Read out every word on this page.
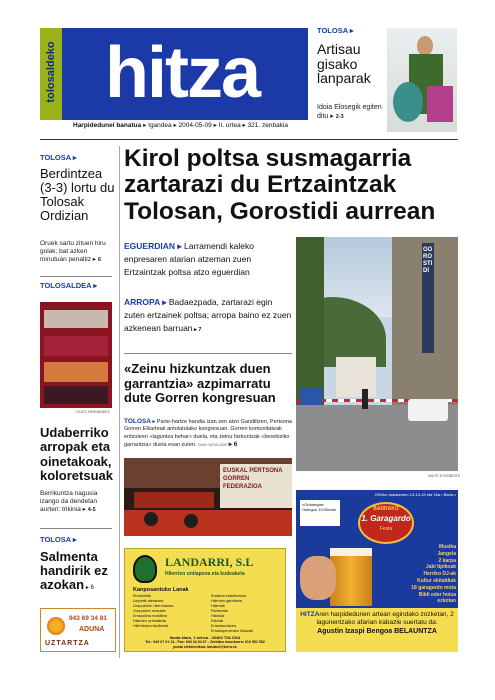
tolosaldeko hitza
Harpidedunei banatua ▸ Igandea ▸ 2004-05-09 ▸ II. urtea ▸ 321. zenbakia
TOLOSA ▸
Artisau gisako lanparak
Idoia Elosegik egiten ditu ▸ 2-3
TOLOSA ▸
Berdintzea (3-3) lortu du Tolosak Ordizian
Oruek sartu zituen hiru golak; bat azken minutuan penaltiz ▸ 6
TOLOSALDEA ▸
OLATZ HERNANDEZ
Udaberriko arropak eta oinetakoak, koloretsuak
Berrikuntza nagusia izango da dendetan aurten: trikinia ▸ 4-5
TOLOSA ▸
Salmenta handirik ez azokan ▸ 6
943 69 34 81
ADUNA
UZTARTZA
Kirol poltsa susmagarria zartarazi du Ertzaintzak Tolosan, Gorostidi aurrean
EGUERDIAN ▸ Larramendi kaleko enpresaren atarian atzeman zuen Ertzaintzak poltsa atzo eguerdian
ARROPA ▸ Badaezpada, zartarazi egin zuten ertzainek poltsa; arropa baino ez zuen azkenean barruan ▸ 7
GOROSTIDI
MAITE ETXEBESTE
«Zeinu hizkuntzak duen garrantzia» azpimarratu dute Gorren kongresuan
TOLOSA ▸ Parte-hartze handia izan zen atzo Gandiltzen, Pertsona Gorren Elkarteak antolatutako kongresuan. Gorren komunitateak entzuleen «laguntza behar» duela, eta zeinu hizkuntzak «berebiziko garrantzia» duela esan zuten. DANI GARALASIK ▸ 6
EUSKAL PERTSONA GORREN FEDERAZIOA
LANDARRI, S.L
Hilerrien untiapena eta kudeaketa
Kanposantuko Lanak
Ehortzetak
Lurpetik ateratzea
Gorpuzkien hilerriratzea
Gorputzen errauste
Errauskina erabilera
Hilarrien prestaketa
Hilerrietara itzulketak
Eraikina erabiltzekoa
Hilerrien garbiketa
Hilarriak
Panteoiak
Hilobiak
Estelak
Errestauratzea
Errautspenerako hilotzak
Santa klara, 1 behea - 20400 TOLOSA
Tel.: 943 67 01 14 - Fax: 943 34 04 67 - Zerbitzu iraunkorra: 610 552 552
posta elektronikoa: landarri@terra.es
2004ko maiatzaren 13-14-15 eta 16a • Barra •
«Ordotegia»
Ostegun 19:00etan	BARRAKO
1. Garagardo
Festa
Musika
Jangela
2 karpa
Jaki tipikoak
Herriko DJ-ak
Kultur ekitaldiak
18 garagardo mota
Bildi eder hotza ezkotan
HITZAren harpidedunen artean egindako zozketan, 2 lagunentzako afarian irabazle suertatu da:
Agustin Izaspi Bengoa BELAUNTZA
